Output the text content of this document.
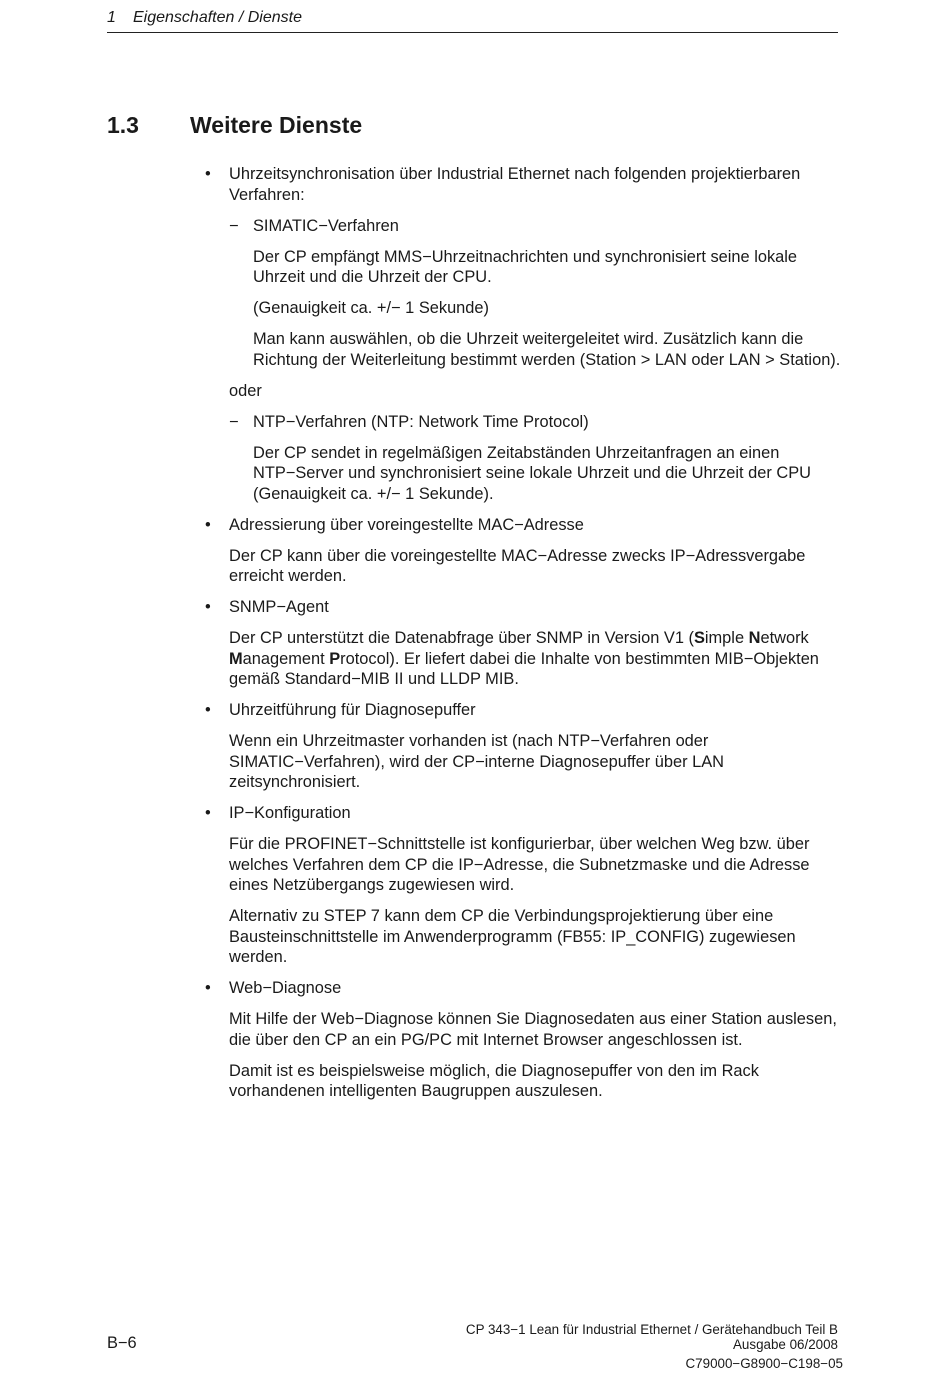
1 Eigenschaften / Dienste
1.3 Weitere Dienste
• Uhrzeitsynchronisation über Industrial Ethernet nach folgenden projektierbaren Verfahren:
− SIMATIC−Verfahren
Der CP empfängt MMS−Uhrzeitnachrichten und synchronisiert seine lokale Uhrzeit und die Uhrzeit der CPU.
(Genauigkeit ca. +/− 1 Sekunde)
Man kann auswählen, ob die Uhrzeit weitergeleitet wird. Zusätzlich kann die Richtung der Weiterleitung bestimmt werden (Station > LAN oder LAN > Station).
oder
− NTP−Verfahren (NTP: Network Time Protocol)
Der CP sendet in regelmäßigen Zeitabständen Uhrzeitanfragen an einen NTP−Server und synchronisiert seine lokale Uhrzeit und die Uhrzeit der CPU (Genauigkeit ca. +/− 1 Sekunde).
• Adressierung über voreingestellte MAC−Adresse
Der CP kann über die voreingestellte MAC−Adresse zwecks IP−Adressvergabe erreicht werden.
• SNMP−Agent
Der CP unterstützt die Datenabfrage über SNMP in Version V1 (Simple Network Management Protocol). Er liefert dabei die Inhalte von bestimmten MIB−Objekten gemäß Standard−MIB II und LLDP MIB.
• Uhrzeitführung für Diagnosepuffer
Wenn ein Uhrzeitmaster vorhanden ist (nach NTP−Verfahren oder SIMATIC−Verfahren), wird der CP−interne Diagnosepuffer über LAN zeitsynchronisiert.
• IP−Konfiguration
Für die PROFINET−Schnittstelle ist konfigurierbar, über welchen Weg bzw. über welches Verfahren dem CP die IP−Adresse, die Subnetzmaske und die Adresse eines Netzübergangs zugewiesen wird.
Alternativ zu STEP 7 kann dem CP die Verbindungsprojektierung über eine Bausteinschnittstelle im Anwenderprogramm (FB55: IP_CONFIG) zugewiesen werden.
• Web−Diagnose
Mit Hilfe der Web−Diagnose können Sie Diagnosedaten aus einer Station auslesen, die über den CP an ein PG/PC mit Internet Browser angeschlossen ist.
Damit ist es beispielsweise möglich, die Diagnosepuffer von den im Rack vorhandenen intelligenten Baugruppen auszulesen.
B−6
CP 343−1 Lean für Industrial Ethernet / Gerätehandbuch Teil B
Ausgabe 06/2008
C79000−G8900−C198−05
